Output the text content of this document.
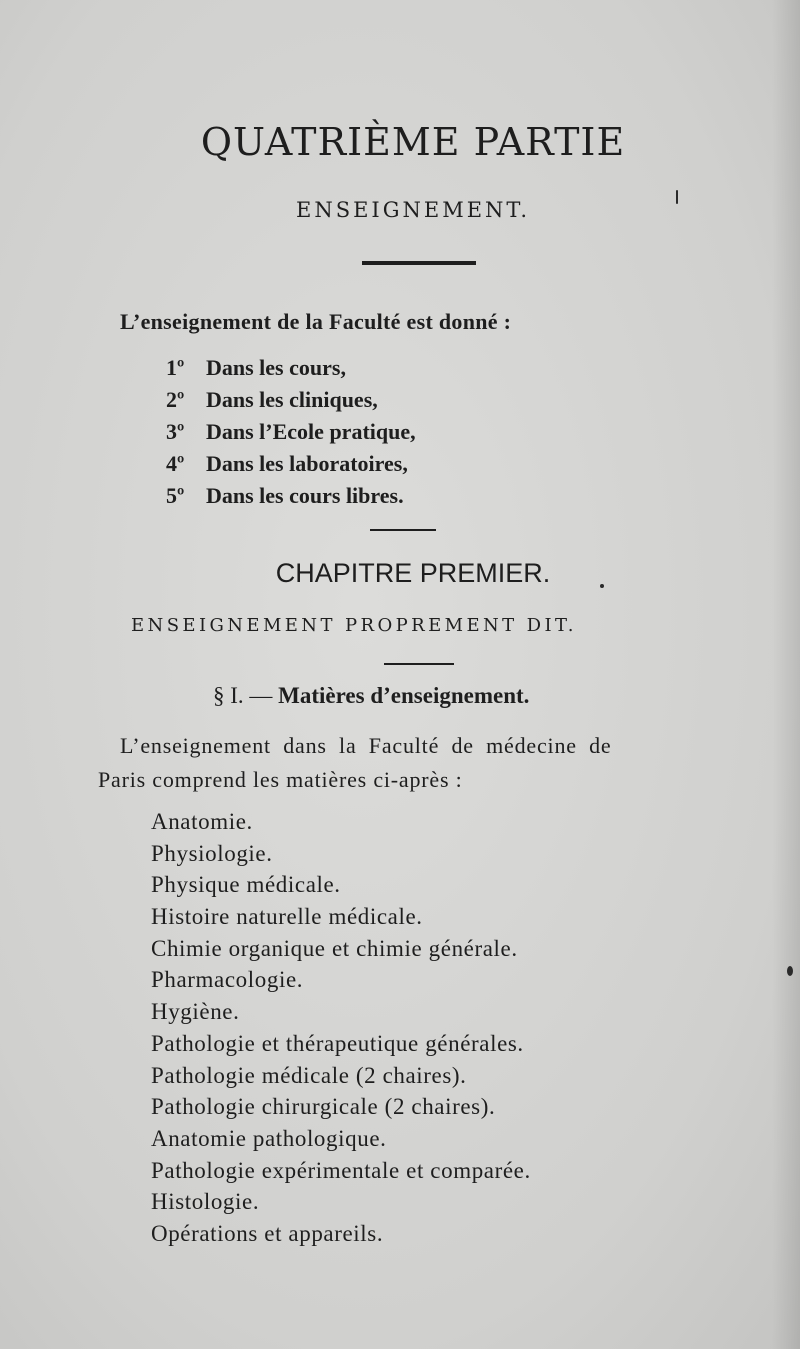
QUATRIÈME PARTIE
ENSEIGNEMENT.
L’enseignement de la Faculté est donné :
1º Dans les cours,
2º Dans les cliniques,
3º Dans l’Ecole pratique,
4º Dans les laboratoires,
5º Dans les cours libres.
CHAPITRE PREMIER.
ENSEIGNEMENT PROPREMENT DIT.
§ I. — Matières d’enseignement.
L’enseignement dans la Faculté de médecine de
Paris comprend les matières ci-après :
Anatomie.
Physiologie.
Physique médicale.
Histoire naturelle médicale.
Chimie organique et chimie générale.
Pharmacologie.
Hygiène.
Pathologie et thérapeutique générales.
Pathologie médicale (2 chaires).
Pathologie chirurgicale (2 chaires).
Anatomie pathologique.
Pathologie expérimentale et comparée.
Histologie.
Opérations et appareils.
